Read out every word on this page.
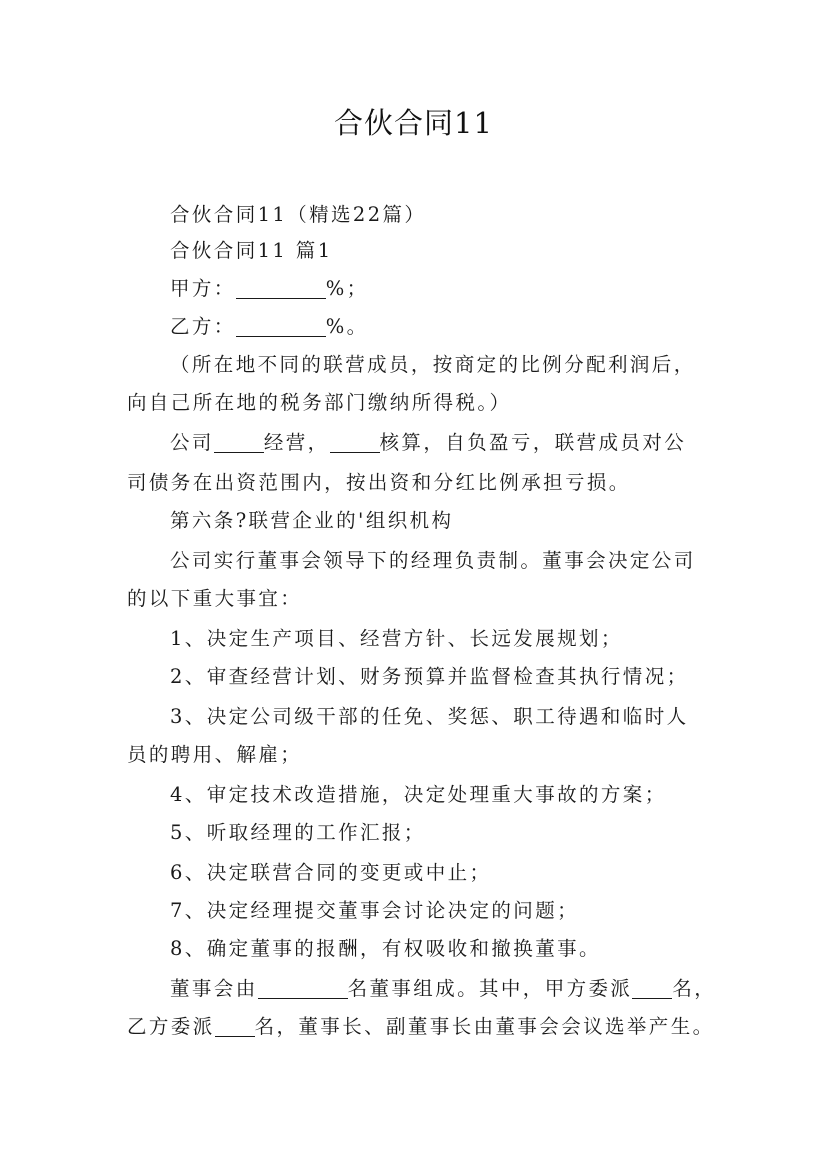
合伙合同11
合伙合同11（精选22篇）
合伙合同11 篇1
甲方：	%；
乙方：	%。
（所在地不同的联营成员，按商定的比例分配利润后，
向自己所在地的税务部门缴纳所得税。）
公司	经营，	核算，自负盈亏，联营成员对公
司债务在出资范围内，按出资和分红比例承担亏损。
第六条?联营企业的'组织机构
公司实行董事会领导下的经理负责制。董事会决定公司
的以下重大事宜：
1、决定生产项目、经营方针、长远发展规划；
2、审查经营计划、财务预算并监督检查其执行情况；
3、决定公司级干部的任免、奖惩、职工待遇和临时人
员的聘用、解雇；
4、审定技术改造措施，决定处理重大事故的方案；
5、听取经理的工作汇报；
6、决定联营合同的变更或中止；
7、决定经理提交董事会讨论决定的问题；
8、确定董事的报酬，有权吸收和撤换董事。
董事会由	名董事组成。其中，甲方委派 名，
乙方委派 名，董事长、副董事长由董事会会议选举产生。
